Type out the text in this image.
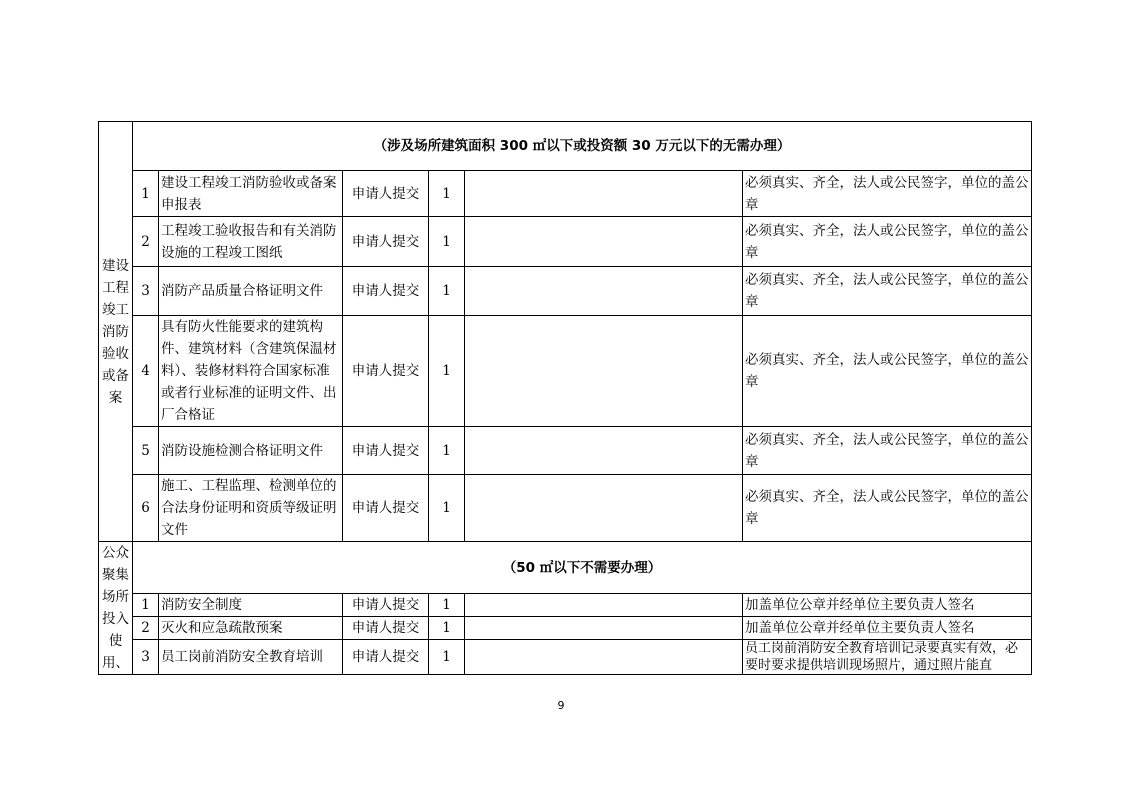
建设工程竣工消防验收或备案	（涉及场所建筑面积 300 ㎡以下或投资额 30 万元以下的无需办理）					
	1	建设工程竣工消防验收或备案申报表	申请人提交	1		必须真实、齐全，法人或公民签字，单位的盖公章
	2	工程竣工验收报告和有关消防设施的工程竣工图纸	申请人提交	1		必须真实、齐全，法人或公民签字，单位的盖公章
	3	消防产品质量合格证明文件	申请人提交	1		必须真实、齐全，法人或公民签字，单位的盖公章
	4	具有防火性能要求的建筑构件、建筑材料（含建筑保温材料）、装修材料符合国家标准或者行业标准的证明文件、出厂合格证	申请人提交	1		必须真实、齐全，法人或公民签字，单位的盖公章
	5	消防设施检测合格证明文件	申请人提交	1		必须真实、齐全，法人或公民签字，单位的盖公章
	6	施工、工程监理、检测单位的合法身份证明和资质等级证明文件	申请人提交	1		必须真实、齐全，法人或公民签字，单位的盖公章
公众聚集场所投入使用、	（50 ㎡以下不需要办理）					
	1	消防安全制度	申请人提交	1		加盖单位公章并经单位主要负责人签名
	2	灭火和应急疏散预案	申请人提交	1		加盖单位公章并经单位主要负责人签名
	3	员工岗前消防安全教育培训	申请人提交	1		员工岗前消防安全教育培训记录要真实有效，必要时要求提供培训现场照片，通过照片能直
9
